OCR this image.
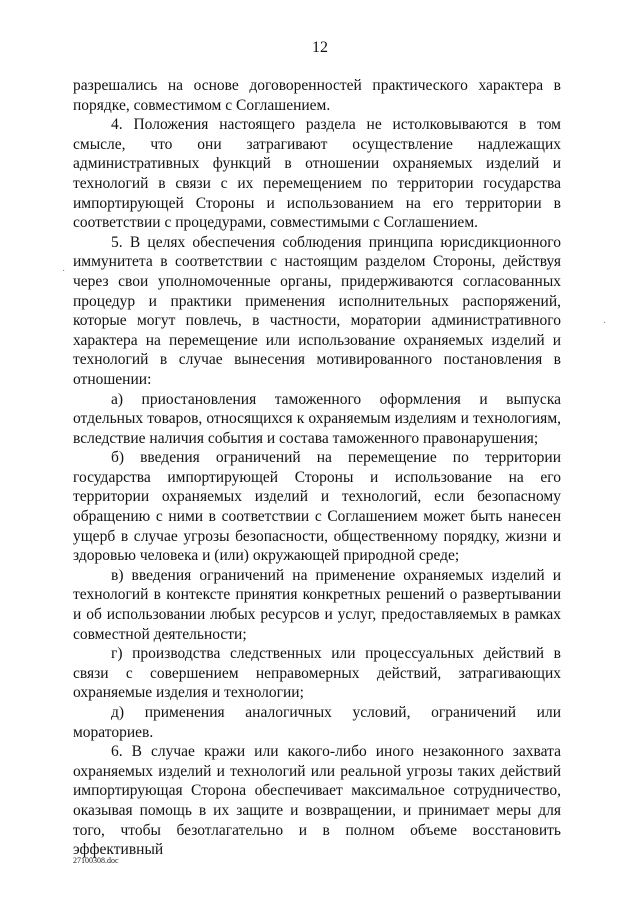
12

разрешались на основе договоренностей практического характера в порядке, совместимом с Соглашением.

4. Положения настоящего раздела не истолковываются в том смысле, что они затрагивают осуществление надлежащих административных функций в отношении охраняемых изделий и технологий в связи с их перемещением по территории государства импортирующей Стороны и использованием на его территории в соответствии с процедурами, совместимыми с Соглашением.

5. В целях обеспечения соблюдения принципа юрисдикционного иммунитета в соответствии с настоящим разделом Стороны, действуя через свои уполномоченные органы, придерживаются согласованных процедур и практики применения исполнительных распоряжений, которые могут повлечь, в частности, моратории административного характера на перемещение или использование охраняемых изделий и технологий в случае вынесения мотивированного постановления в отношении:

а) приостановления таможенного оформления и выпуска отдельных товаров, относящихся к охраняемым изделиям и технологиям, вследствие наличия события и состава таможенного правонарушения;

б) введения ограничений на перемещение по территории государства импортирующей Стороны и использование на его территории охраняемых изделий и технологий, если безопасному обращению с ними в соответствии с Соглашением может быть нанесен ущерб в случае угрозы безопасности, общественному порядку, жизни и здоровью человека и (или) окружающей природной среде;

в) введения ограничений на применение охраняемых изделий и технологий в контексте принятия конкретных решений о развертывании и об использовании любых ресурсов и услуг, предоставляемых в рамках совместной деятельности;

г) производства следственных или процессуальных действий в связи с совершением неправомерных действий, затрагивающих охраняемые изделия и технологии;

д) применения аналогичных условий, ограничений или мораториев.

6. В случае кражи или какого-либо иного незаконного захвата охраняемых изделий и технологий или реальной угрозы таких действий импортирующая Сторона обеспечивает максимальное сотрудничество, оказывая помощь в их защите и возвращении, и принимает меры для того, чтобы безотлагательно и в полном объеме восстановить эффективный

·
·
27100308.doc
